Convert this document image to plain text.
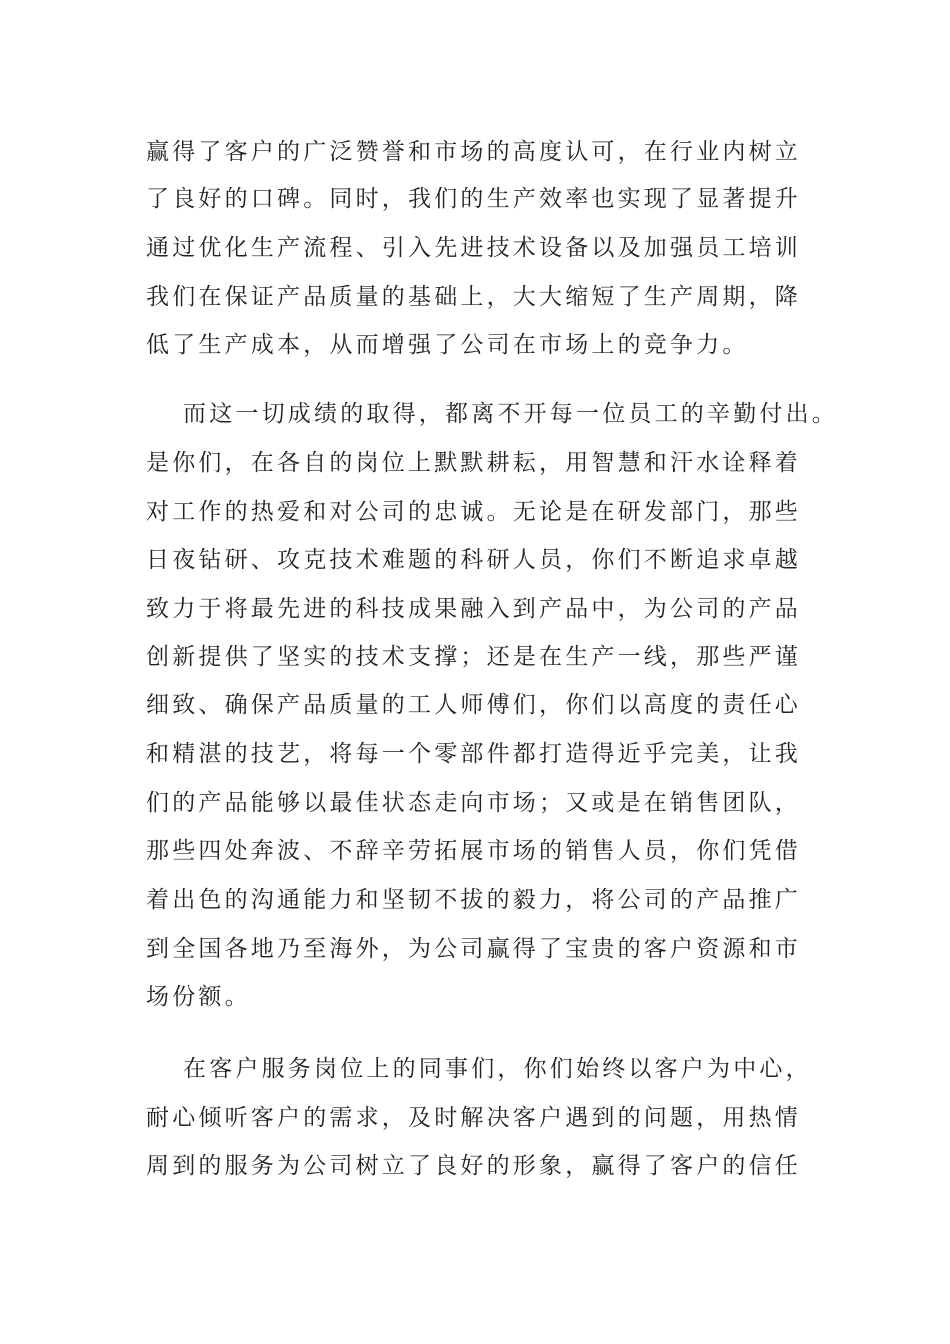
赢得了客户的广泛赞誉和市场的高度认可，在行业内树立
了良好的口碑。同时，我们的生产效率也实现了显著提升
通过优化生产流程、引入先进技术设备以及加强员工培训
我们在保证产品质量的基础上，大大缩短了生产周期，降
低了生产成本，从而增强了公司在市场上的竞争力。
而这一切成绩的取得，都离不开每一位员工的辛勤付出。
是你们，在各自的岗位上默默耕耘，用智慧和汗水诠释着
对工作的热爱和对公司的忠诚。无论是在研发部门，那些
日夜钻研、攻克技术难题的科研人员，你们不断追求卓越
致力于将最先进的科技成果融入到产品中，为公司的产品
创新提供了坚实的技术支撑；还是在生产一线，那些严谨
细致、确保产品质量的工人师傅们，你们以高度的责任心
和精湛的技艺，将每一个零部件都打造得近乎完美，让我
们的产品能够以最佳状态走向市场；又或是在销售团队，
那些四处奔波、不辞辛劳拓展市场的销售人员，你们凭借
着出色的沟通能力和坚韧不拔的毅力，将公司的产品推广
到全国各地乃至海外，为公司赢得了宝贵的客户资源和市
场份额。
在客户服务岗位上的同事们，你们始终以客户为中心，
耐心倾听客户的需求，及时解决客户遇到的问题，用热情
周到的服务为公司树立了良好的形象，赢得了客户的信任
